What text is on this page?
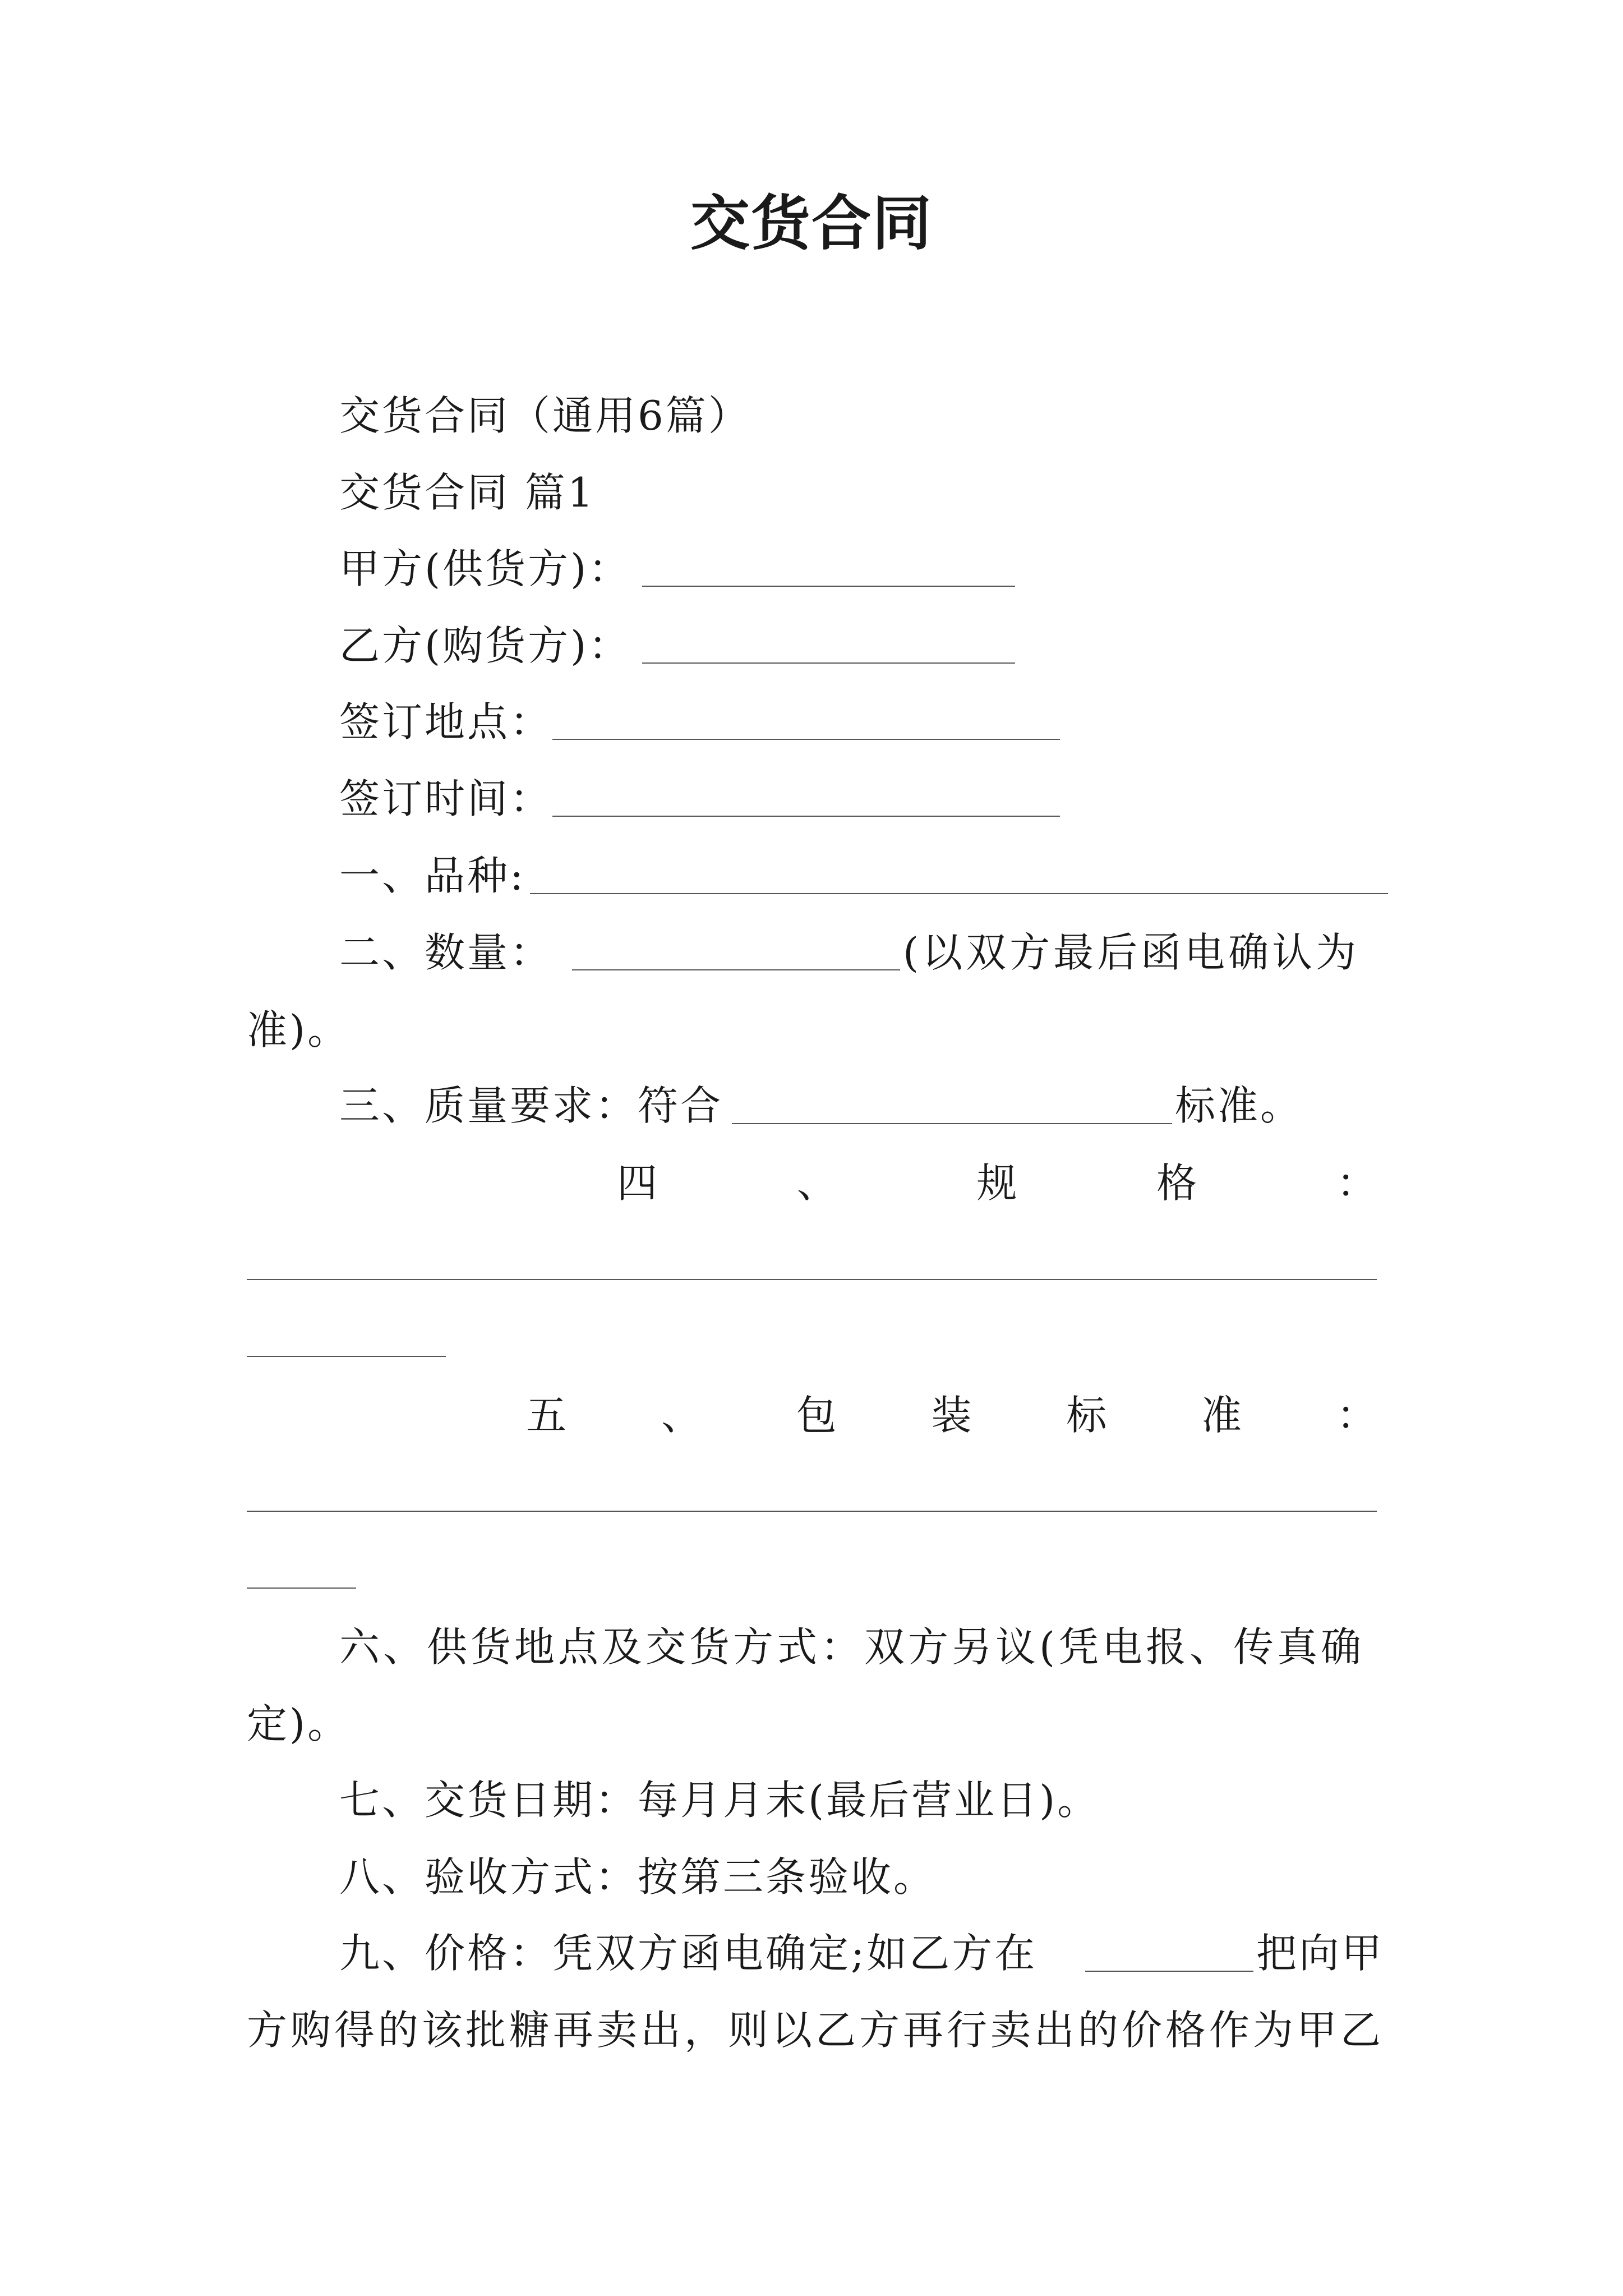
交货合同
交货合同（通用6篇）
交货合同 篇1
甲方(供货方)：
乙方(购货方)：
签订地点：
签订时间：
一、品种:
二、数量：	(以双方最后函电确认为
准)。
三、质量要求：符合	标准。
四	、	规	格	：
五 、 包 装 标 准 ：
六、供货地点及交货方式：双方另议(凭电报、传真确
定)。
七、交货日期：每月月末(最后营业日)。
八、验收方式：按第三条验收。
九、价格：凭双方函电确定;如乙方在	把向甲
方购得的该批糖再卖出，则以乙方再行卖出的价格作为甲乙
